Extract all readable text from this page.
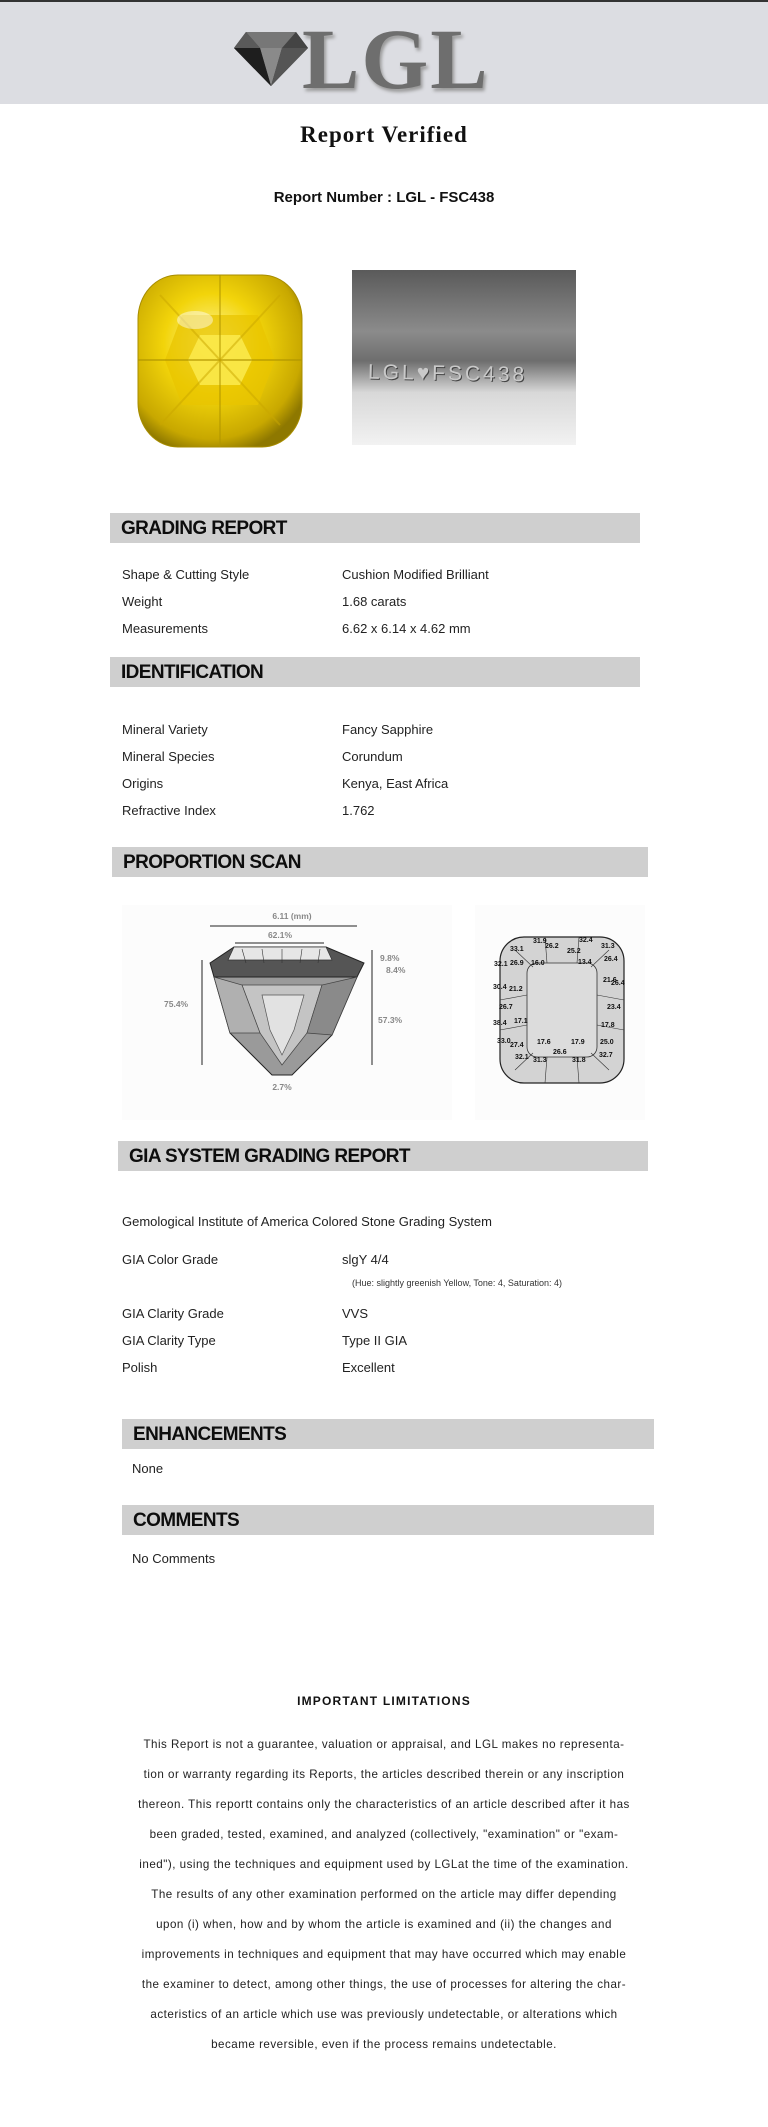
LGL
Report Verified
Report Number : LGL - FSC438
LGL♥FSC438
GRADING REPORT
Shape & Cutting Style	Cushion Modified Brilliant
Weight	1.68 carats
Measurements	6.62 x 6.14 x 4.62 mm
IDENTIFICATION
Mineral Variety	Fancy Sapphire
Mineral Species	Corundum
Origins	Kenya, East Africa
Refractive Index	1.762
PROPORTION SCAN
6.11 (mm)
62.1%
9.8%
8.4%
57.3%
75.4%
2.7%
33.1
31.9
26.2
25.2
32.4
31.3
26.4
32.1 26.9 16.0	13.4
21.6
26.4
30.4 21.2
26.7	23.4
38.4 17.1
17.8
33.0	17.6	17.9 25.0
27.4
26.6
32.1 31.3	31.8
32.7
GIA SYSTEM GRADING REPORT
Gemological Institute of America Colored Stone Grading System
GIA Color Grade	slgY 4/4
(Hue: slightly greenish Yellow, Tone: 4, Saturation: 4)
GIA Clarity Grade	VVS
GIA Clarity Type	Type II GIA
Polish	Excellent
ENHANCEMENTS
None
COMMENTS
No Comments
IMPORTANT LIMITATIONS
This Report is not a guarantee, valuation or appraisal, and LGL makes no representa-
tion or warranty regarding its Reports, the articles described therein or any inscription
thereon. This reportt contains only the characteristics of an article described after it has
been graded, tested, examined, and analyzed (collectively, "examination" or "exam-
ined"), using the techniques and equipment used by LGLat the time of the examination.
The results of any other examination performed on the article may differ depending
upon (i) when, how and by whom the article is examined and (ii) the changes and
improvements in techniques and equipment that may have occurred which may enable
the examiner to detect, among other things, the use of processes for altering the char-
acteristics of an article which use was previously undetectable, or alterations which
became reversible, even if the process remains undetectable.
